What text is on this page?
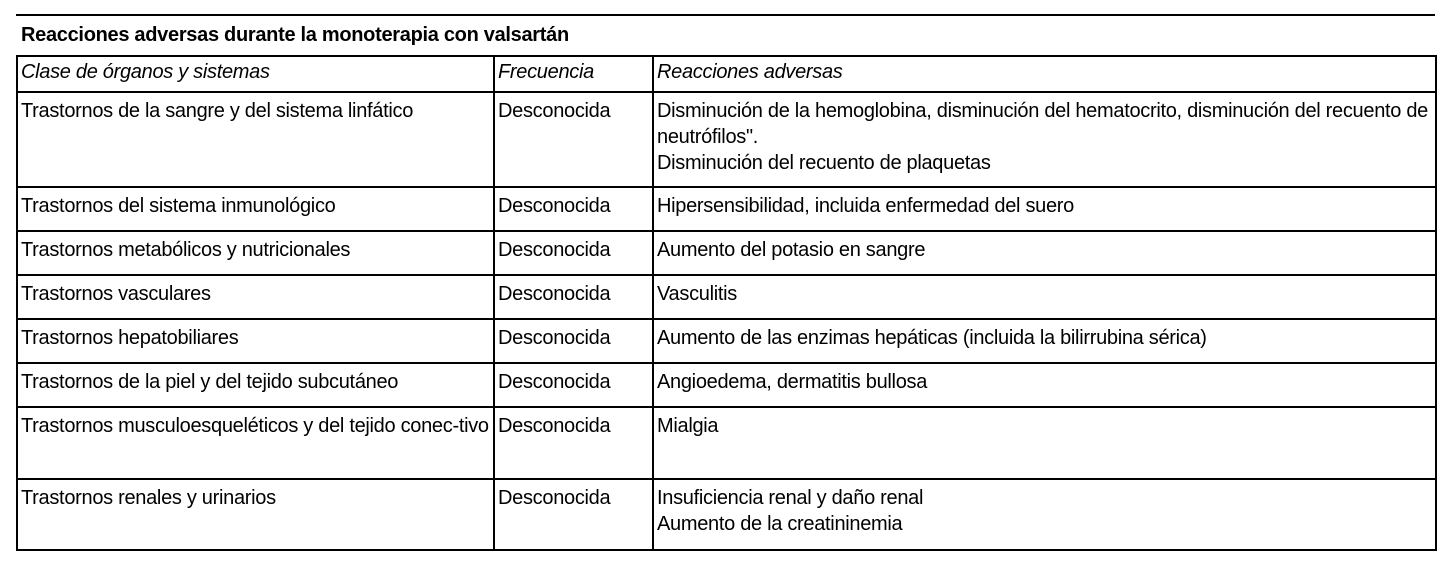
Reacciones adversas durante la monoterapia con valsartán
Clase de órganos y sistemas	Frecuencia	Reacciones adversas
Trastornos de la sangre y del sistema linfático	Desconocida	Disminución de la hemoglobina, disminución del hematocrito, disminución del recuento de neutrófilos".
Disminución del recuento de plaquetas

Trastornos del sistema inmunológico	Desconocida	Hipersensibilidad, incluida enfermedad del suero

Trastornos metabólicos y nutricionales	Desconocida	Aumento del potasio en sangre

Trastornos vasculares	Desconocida	Vasculitis

Trastornos hepatobiliares	Desconocida	Aumento de las enzimas hepáticas (incluida la bilirrubina sérica)

Trastornos de la piel y del tejido subcutáneo	Desconocida	Angioedema, dermatitis bullosa

Trastornos musculoesqueléticos y del tejido conec-tivo	Desconocida	Mialgia

Trastornos renales y urinarios	Desconocida	Insuficiencia renal y daño renal
Aumento de la creatininemia
